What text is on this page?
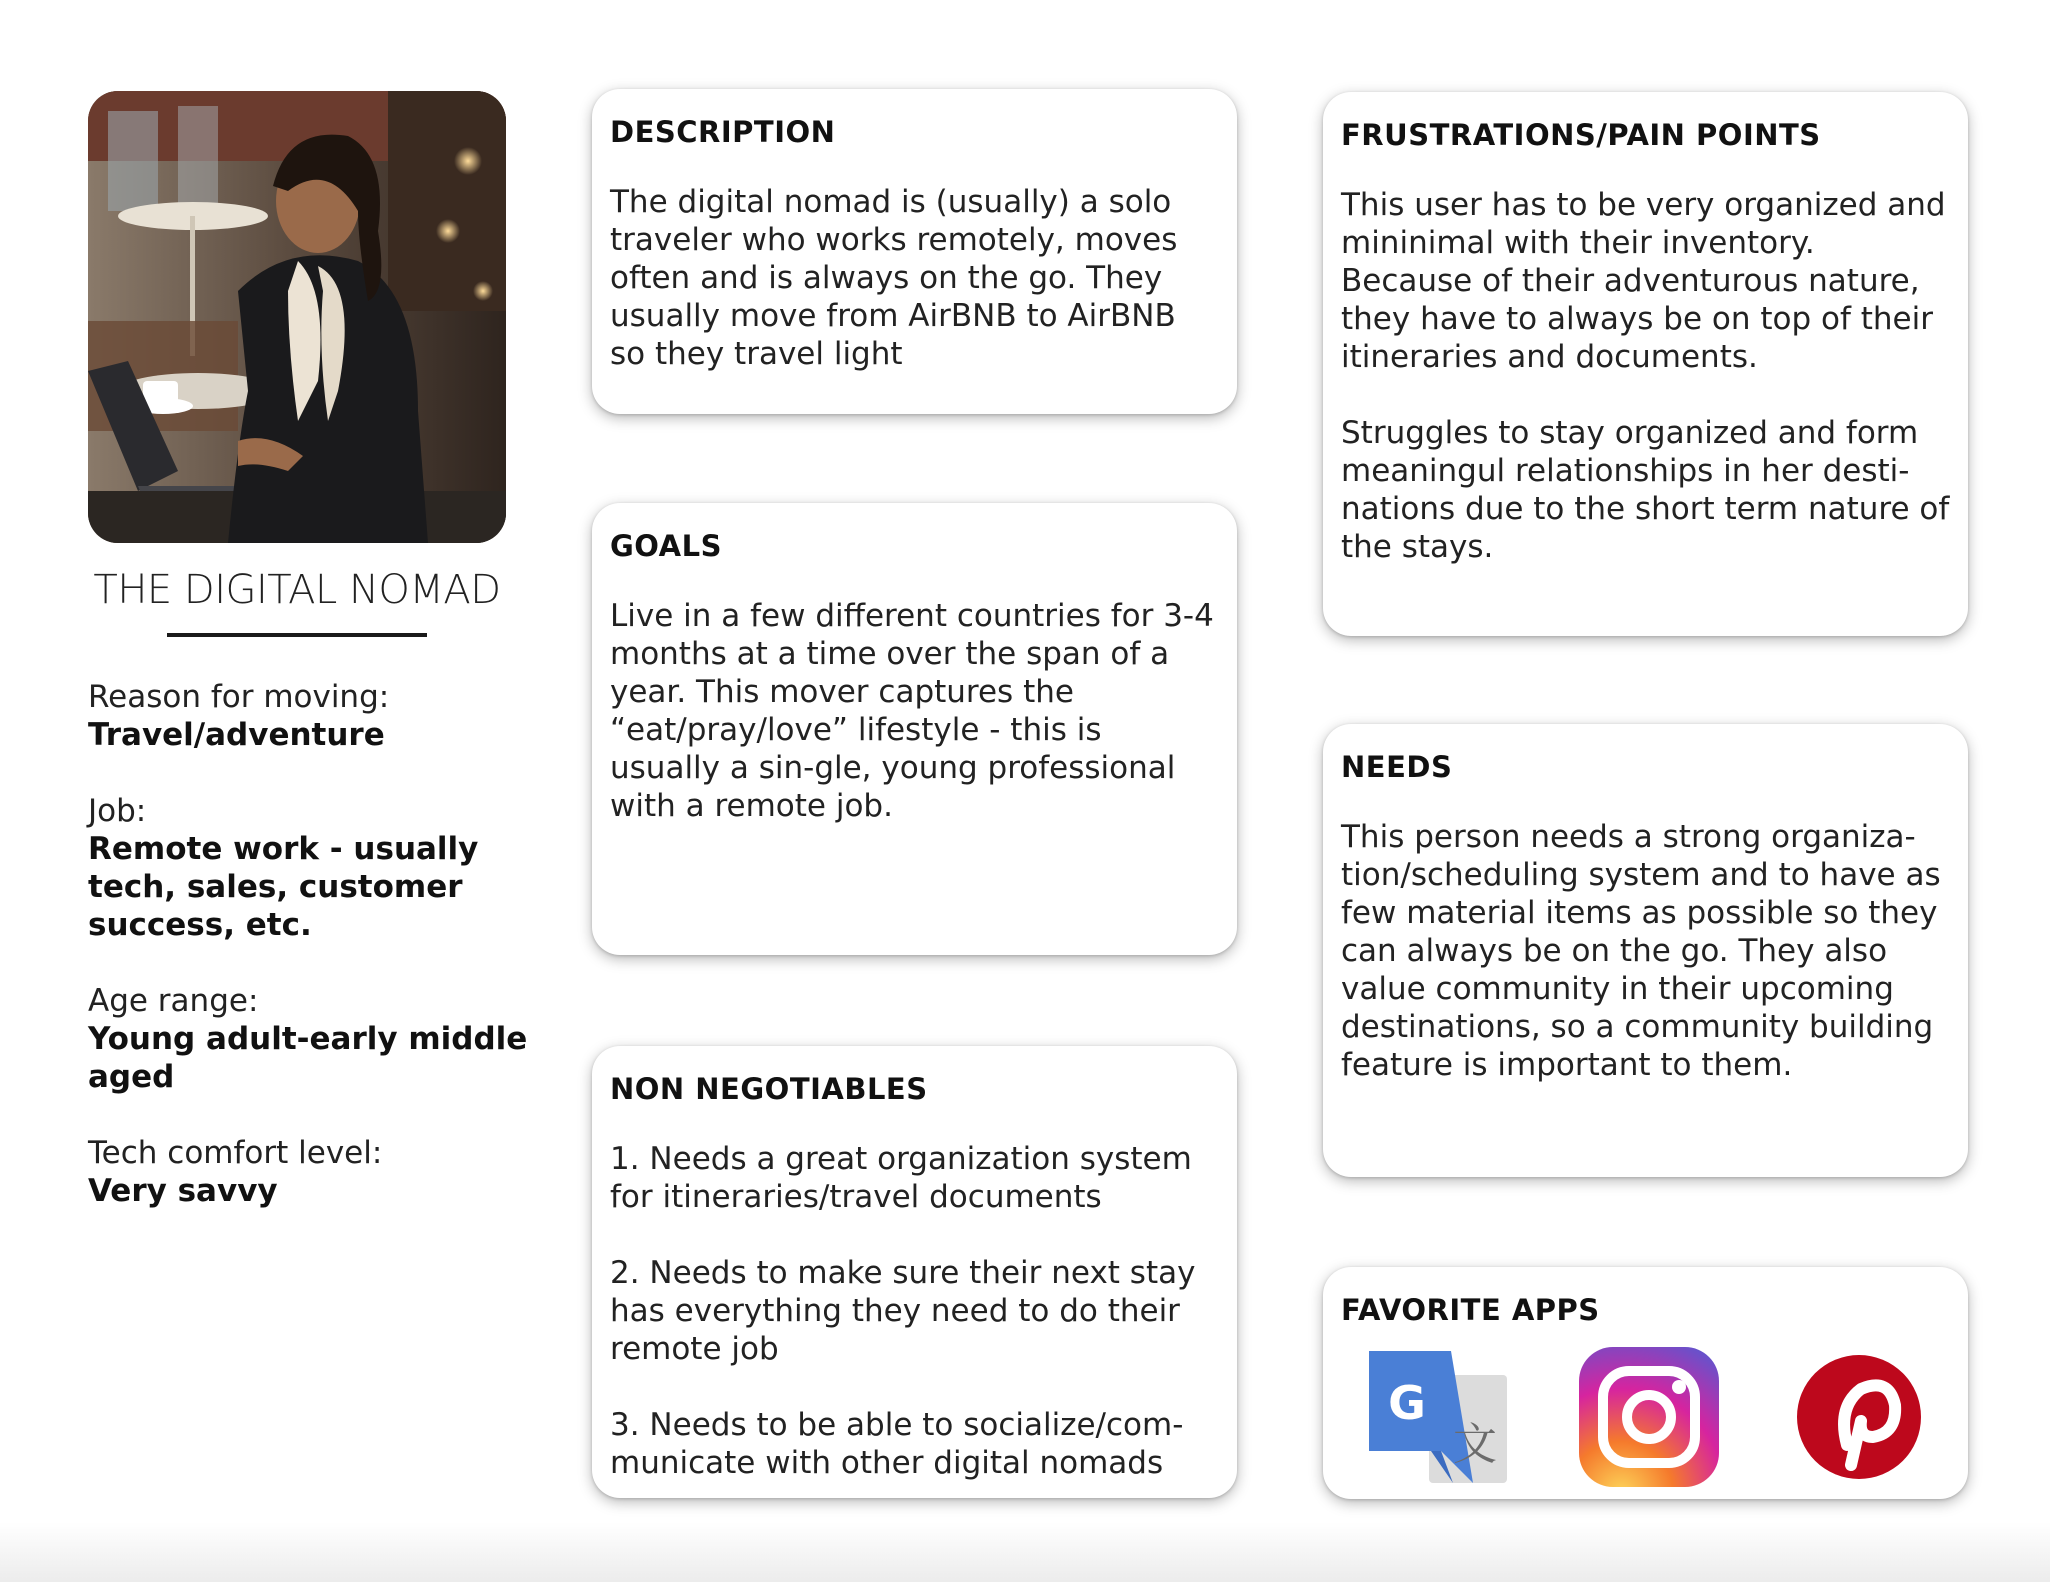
THE DIGITAL NOMAD
Reason for moving:
Travel/adventure
Job:
Remote work - usually tech, sales, customer success, etc.
Age range:
Young adult-early middle aged
Tech comfort level:
Very savvy
DESCRIPTION
The digital nomad is (usually) a solo traveler who works remotely, moves often and is always on the go. They usually move from AirBNB to AirBNB so they travel light
GOALS
Live in a few different countries for 3-4 months at a time over the span of a year. This mover captures the “eat/pray/love” lifestyle - this is usually a sin-gle, young professional with a remote job.
NON NEGOTIABLES

1. Needs a great organization system for itineraries/travel documents

2. Needs to make sure their next stay has everything they need to do their remote job

3. Needs to be able to socialize/com-municate with other digital nomads

FRUSTRATIONS/PAIN POINTS

This user has to be very organized and mininimal with their inventory. Because of their adventurous nature, they have to always be on top of their itineraries and documents.

Struggles to stay organized and form meaningul relationships in her desti-nations due to the short term nature of the stays.

NEEDS
This person needs a strong organiza-tion/scheduling system and to have as few material items as possible so they can always be on the go. They also value community in their upcoming destinations, so a community building feature is important to them.
FAVORITE APPS
G
文
